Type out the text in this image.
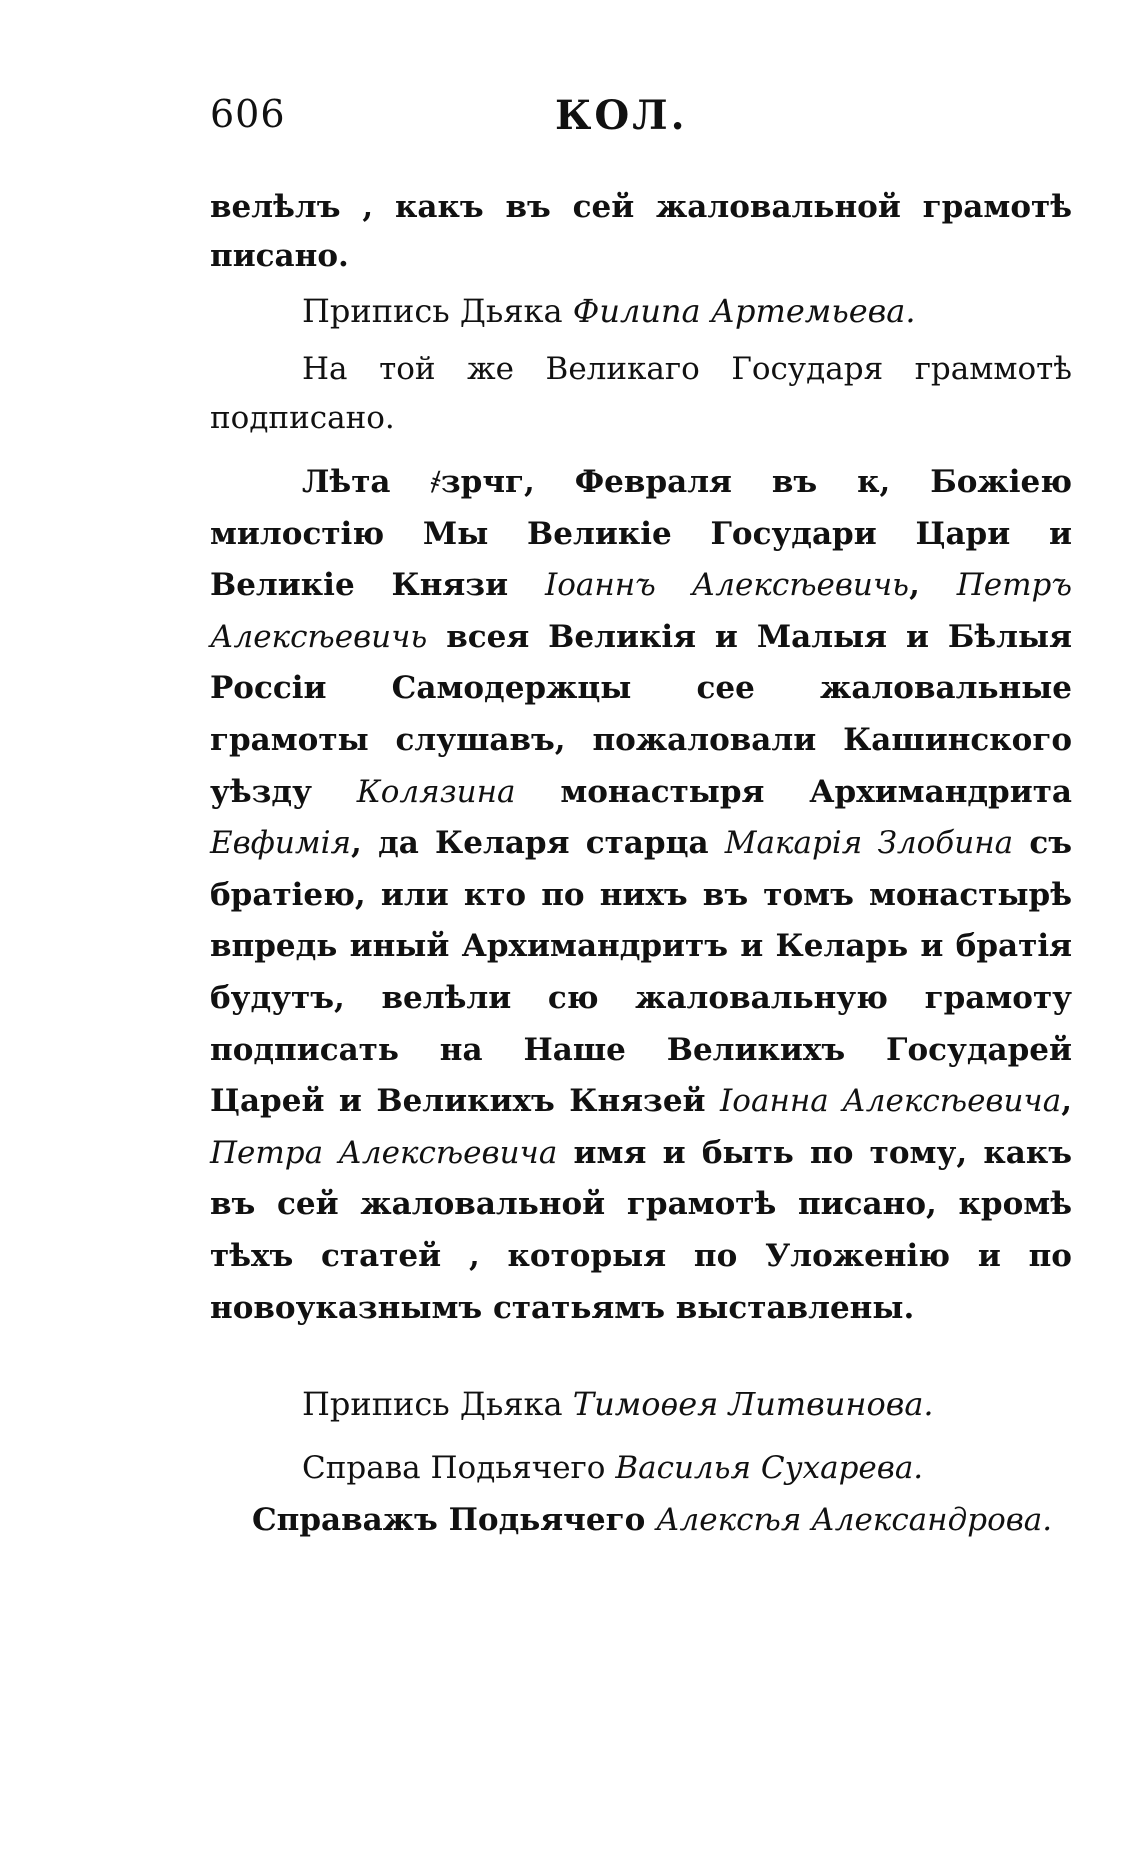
606	КОЛ.
велѣлъ , какъ въ сей жаловальной грамотѣ писано.
Припись Дьяка Филипа Артемьева.
На той же Великаго Государя граммотѣ подписано.
Лѣта ҂зрчг, Февраля въ к, Божiею милостiю Мы Великiе Государи Цари и Великiе Князи Iоаннъ Алексѣевичь, Петръ Алексѣевичь всея Великiя и Малыя и Бѣлыя Россiи Самодержцы сее жаловальные грамоты слушавъ, пожаловали Кашинского уѣзду Колязина монастыря Архимандрита Евфимiя, да Келаря старца Макарiя Злобина съ братiею, или кто по нихъ въ томъ монастырѣ впредь иный Архимандритъ и Келарь и братiя будутъ, велѣли сю жаловальную грамоту подписать на Наше Великихъ Государей Царей и Великихъ Князей Iоанна Алексѣевича, Петра Алексѣевича имя и быть по тому, какъ въ сей жаловальной грамотѣ писано, кромѣ тѣхъ статей , которыя по Уложенiю и по новоуказнымъ статьямъ выставлены.
Припись Дьяка Тимоѳея Литвинова.
Справа Подьячего Василья Сухарева.
Справажъ Подьячего Алексѣя Александрова.
